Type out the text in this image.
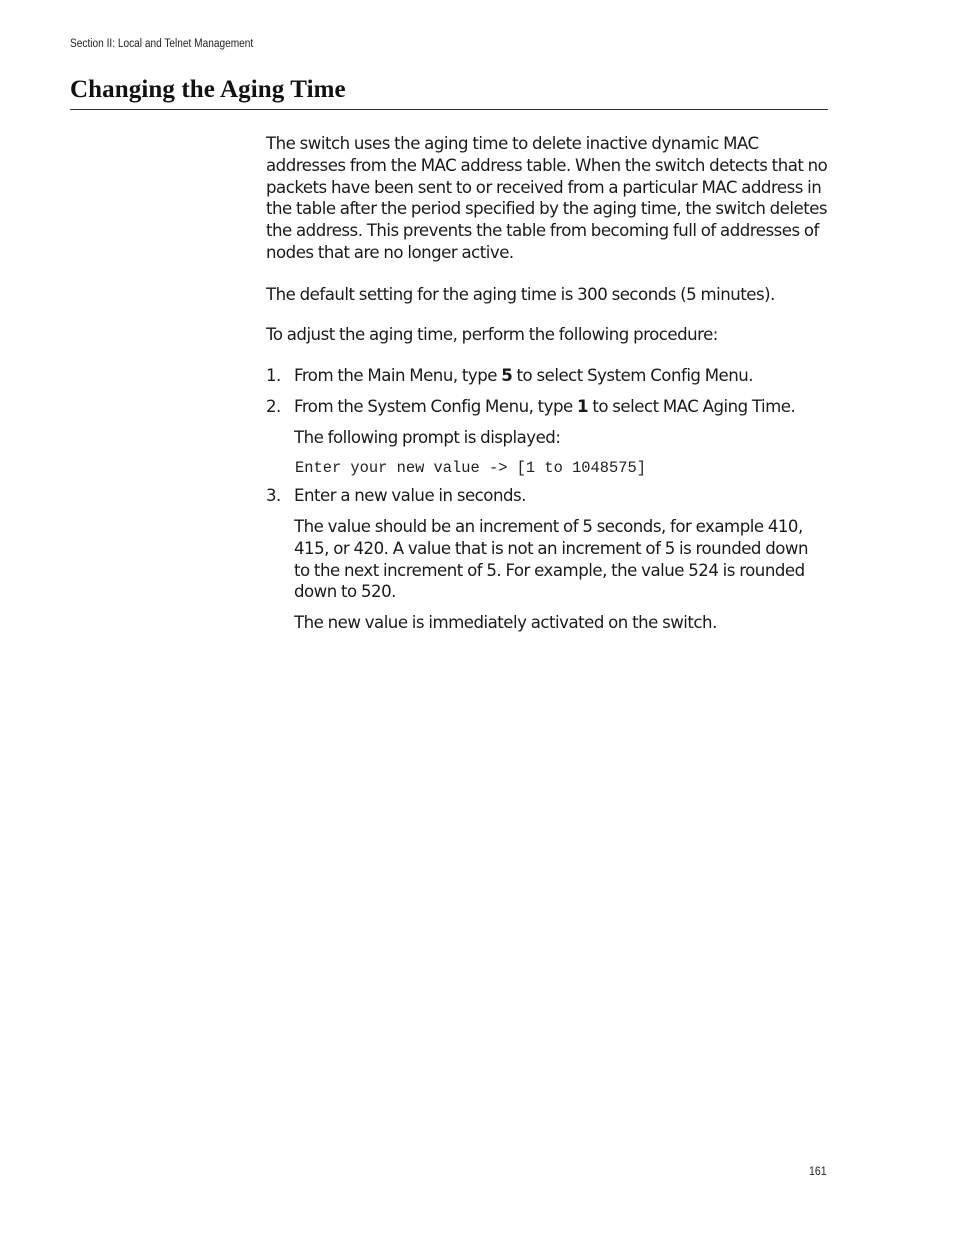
Section II: Local and Telnet Management
Changing the Aging Time

The switch uses the aging time to delete inactive dynamic MAC addresses from the MAC address table. When the switch detects that no packets have been sent to or received from a particular MAC address in the table after the period specified by the aging time, the switch deletes the address. This prevents the table from becoming full of addresses of nodes that are no longer active.

The default setting for the aging time is 300 seconds (5 minutes).

To adjust the aging time, perform the following procedure:

1. From the Main Menu, type 5 to select System Config Menu.
2. From the System Config Menu, type 1 to select MAC Aging Time.

The following prompt is displayed:

Enter your new value -> [1 to 1048575]
3. Enter a new value in seconds.

The value should be an increment of 5 seconds, for example 410, 415, or 420. A value that is not an increment of 5 is rounded down to the next increment of 5. For example, the value 524 is rounded down to 520.

The new value is immediately activated on the switch.

161
